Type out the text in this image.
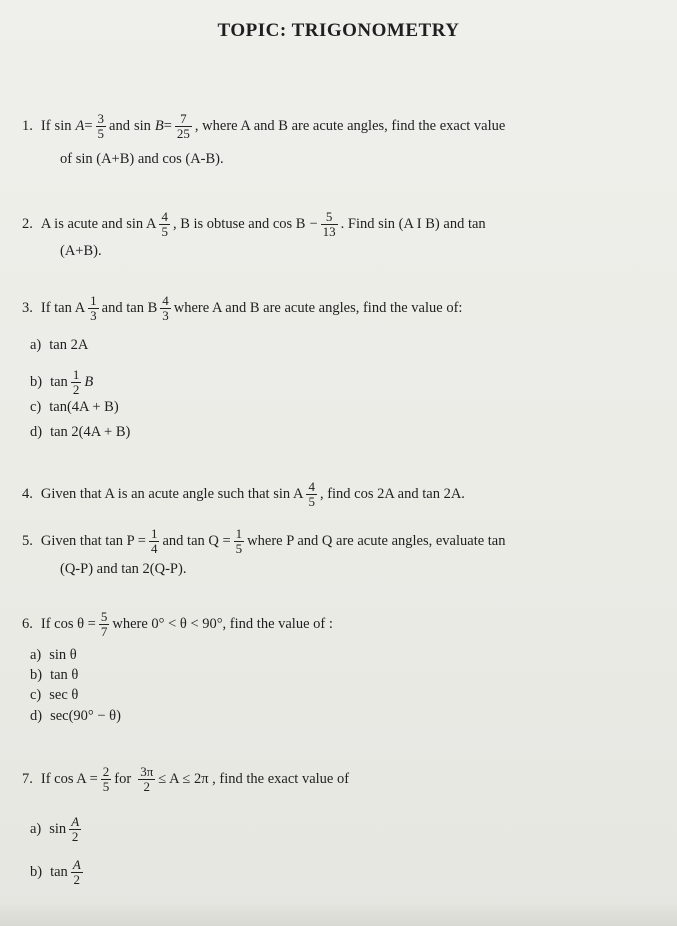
TOPIC: TRIGONOMETRY
1. If sin A = 3
5 and sin B = 7
25 , where A and B are acute angles, find the exact value
of sin (A+B) and cos (A-B).
2. A is acute and sin A 4
5 , B is obtuse and cos B − 5
13 . Find sin (A I B) and tan
(A+B).
3. If tan A 1
3 and tan B 4
3 where A and B are acute angles, find the value of:
a) tan 2A
b) tan 1
2 B
c) tan(4A + B)
d) tan 2(4A + B)
4. Given that A is an acute angle such that sin A 4
5 , find cos 2A and tan 2A.
5. Given that tan P = 1
4 and tan Q = 1
5 where P and Q are acute angles, evaluate tan
(Q-P) and tan 2(Q-P).
6. If cos θ = 5
7 where 0° < θ < 90°, find the value of :
a) sin θ
b) tan θ
c) sec θ
d) sec(90° − θ)
7. If cos A = 2
5 for 3π
2 ≤ A ≤ 2π , find the exact value of
a) sin A
2
b) tan A
2
